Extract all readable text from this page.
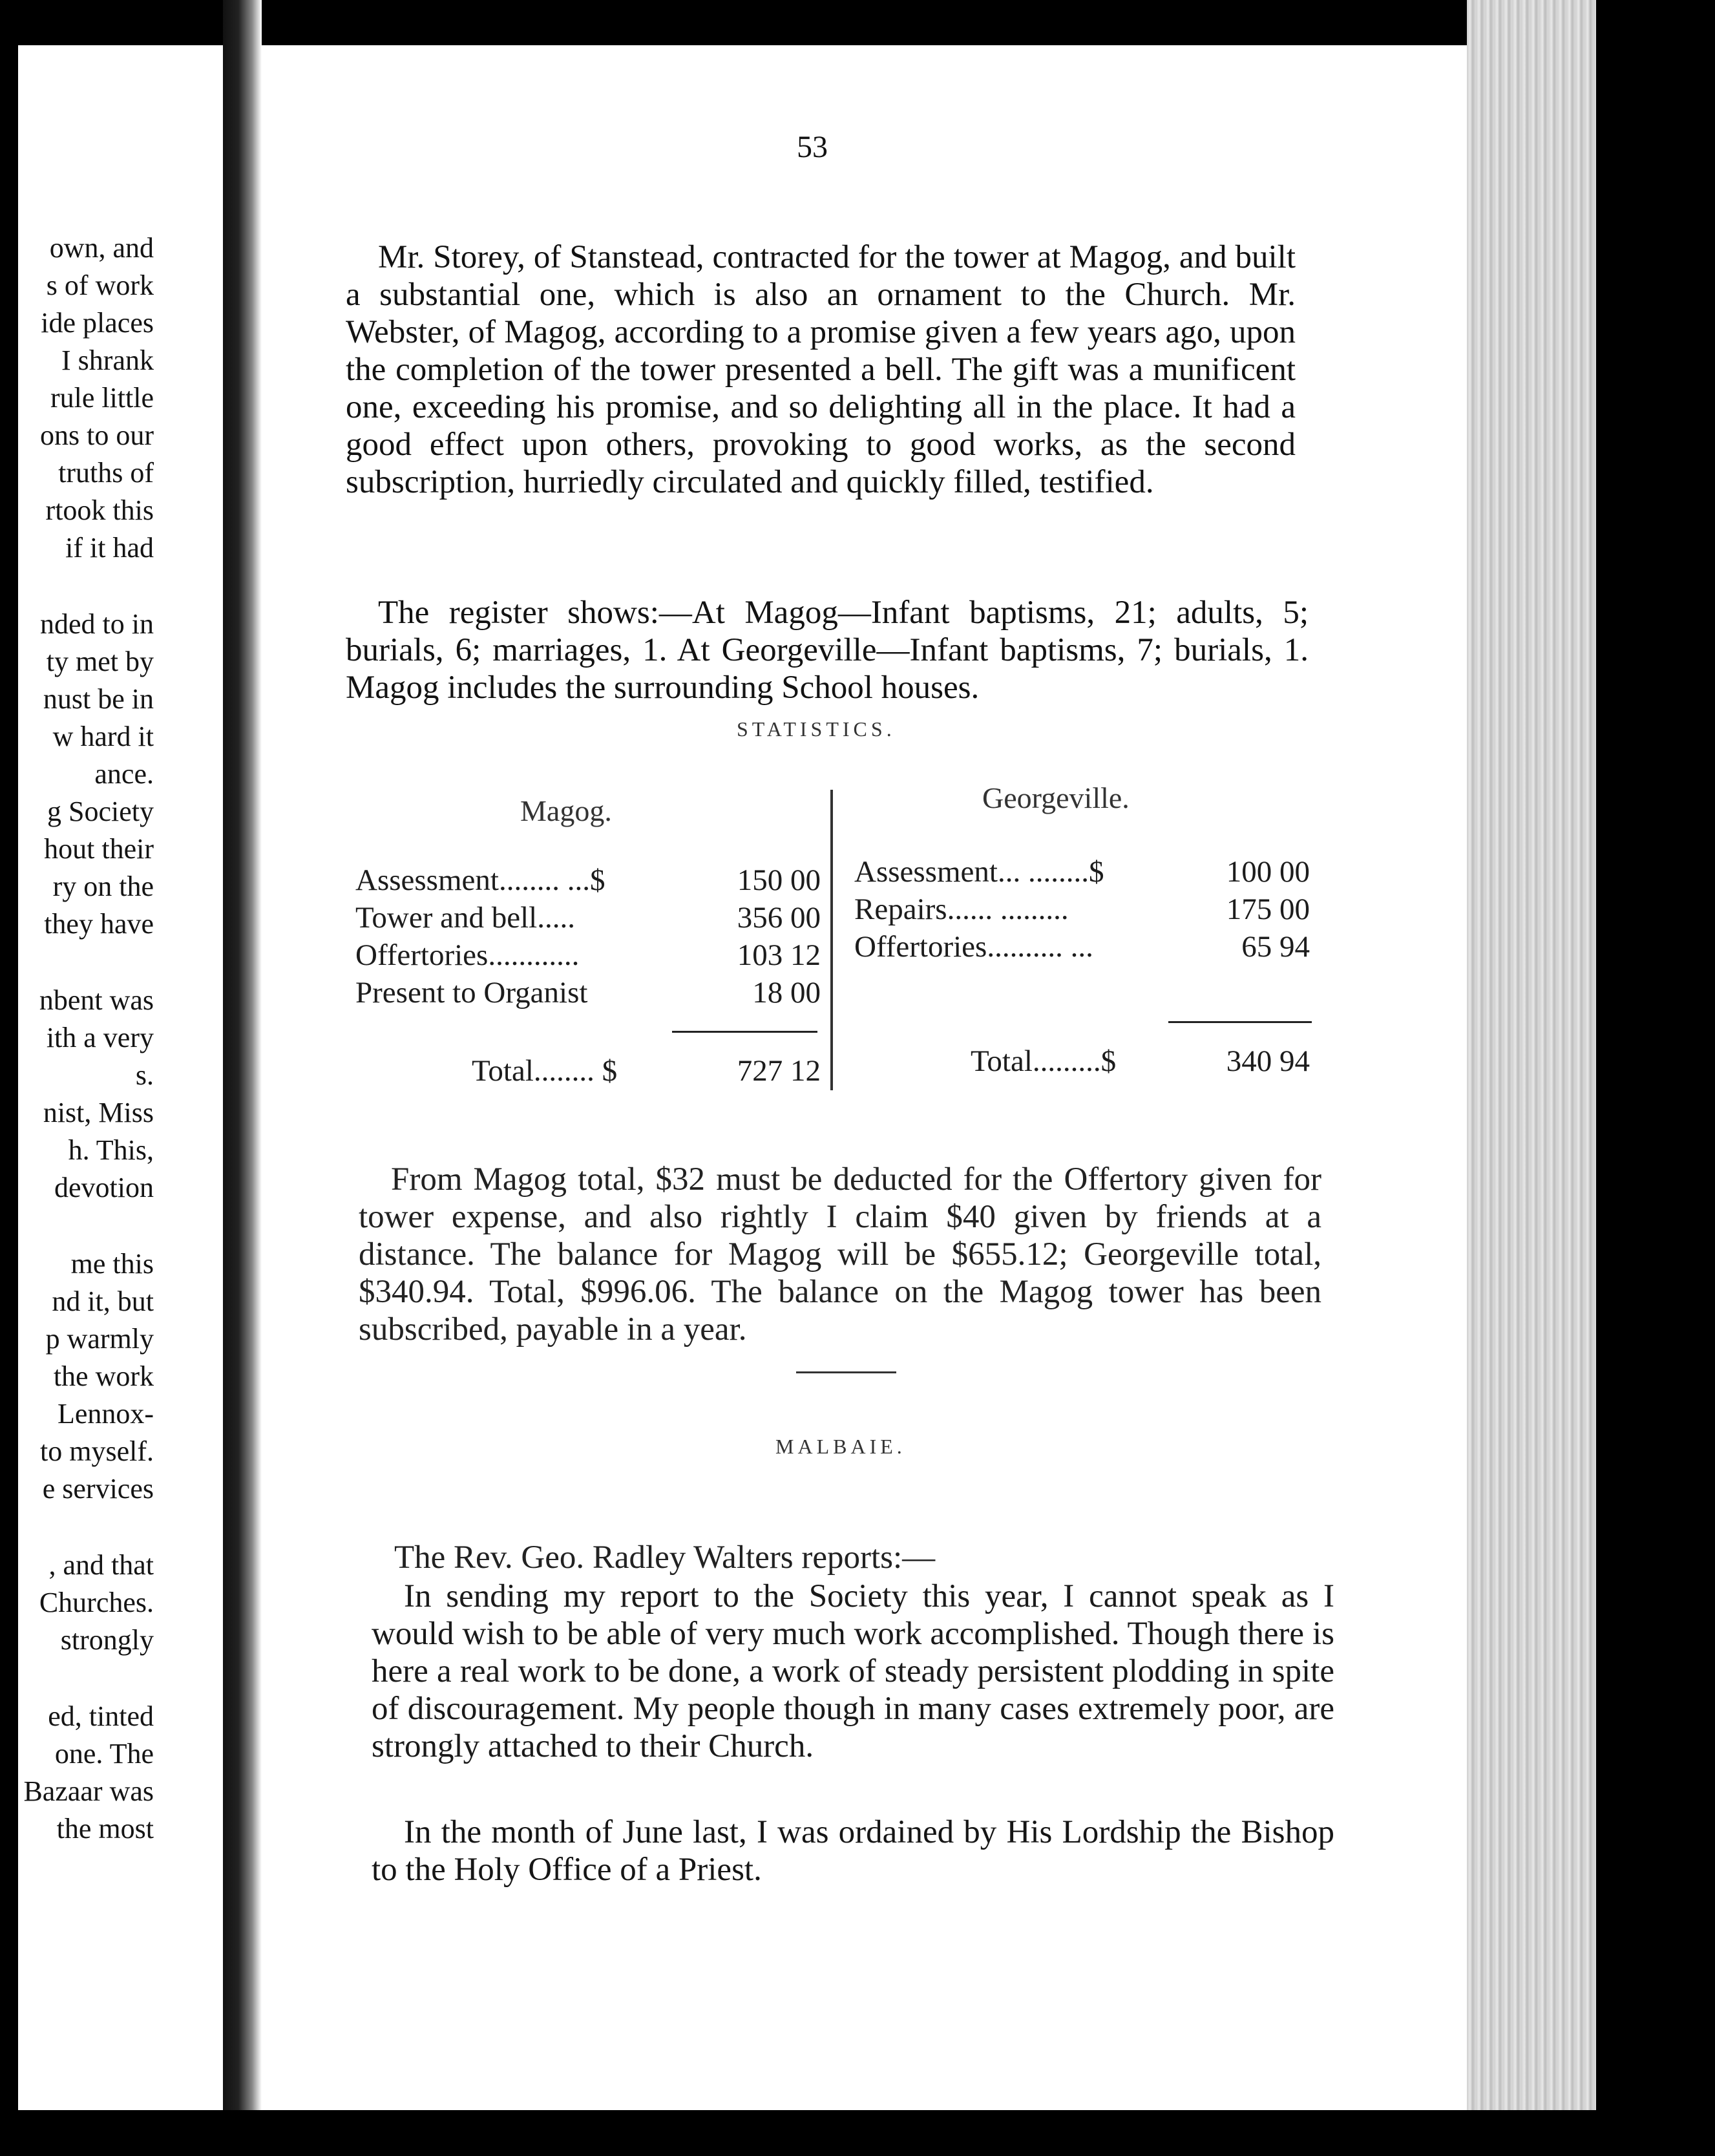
own, and
s of work
ide places
I shrank
rule little
ons to our
truths of
rtook this
if it had
nded to in
ty met by
nust be in
w hard it
ance.
g Society
hout their
ry on the
they have
nbent was
ith a very
s.
nist, Miss
h. This,
devotion
me this
nd it, but
p warmly
the work
Lennox-
to myself.
e services
, and that
Churches.
strongly
ed, tinted
one. The
Bazaar was
the most
53

Mr. Storey, of Stanstead, contracted for the tower at Magog, and built a substantial one, which is also an ornament to the Church. Mr. Webster, of Magog, according to a promise given a few years ago, upon the completion of the tower presented a bell. The gift was a munificent one, exceeding his promise, and so delighting all in the place. It had a good effect upon others, provoking to good works, as the second subscription, hurriedly circulated and quickly filled, testified.

The register shows:—At Magog—Infant baptisms, 21; adults, 5; burials, 6; marriages, 1. At Georgeville—Infant baptisms, 7; burials, 1. Magog includes the surrounding School houses.

STATISTICS.
Magog.	Georgeville.
Assessment........ ...$	150 00
Tower and bell.....	356 00
Offertories............	103 12
Present to Organist	18 00
Total........ $	727 12
Assessment... ........$	100 00
Repairs...... .........	175 00
Offertories.......... ...	65 94
Total.........$	340 94

From Magog total, $32 must be deducted for the Offertory given for tower expense, and also rightly I claim $40 given by friends at a distance. The balance for Magog will be $655.12; Georgeville total, $340.94. Total, $996.06. The balance on the Magog tower has been subscribed, payable in a year.

MALBAIE.

The Rev. Geo. Radley Walters reports:—

In sending my report to the Society this year, I cannot speak as I would wish to be able of very much work accomplished. Though there is here a real work to be done, a work of steady persistent plodding in spite of discouragement. My people though in many cases extremely poor, are strongly attached to their Church.

In the month of June last, I was ordained by His Lordship the Bishop to the Holy Office of a Priest.
